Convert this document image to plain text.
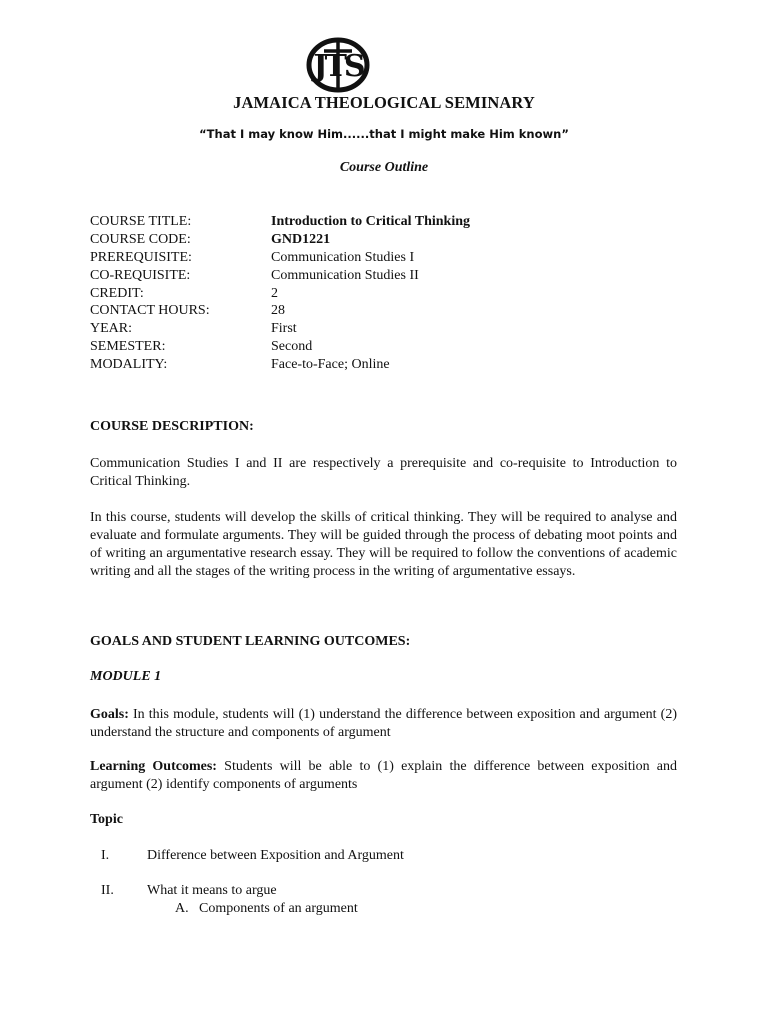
JTS
JAMAICA THEOLOGICAL SEMINARY
“That I may know Him......that I might make Him known”
Course Outline
COURSE TITLE:	Introduction to Critical Thinking
COURSE CODE:	GND1221
PREREQUISITE:	Communication Studies I
CO-REQUISITE:	Communication Studies II
CREDIT:	2
CONTACT HOURS:	28
YEAR:	First
SEMESTER:	Second
MODALITY:	Face-to-Face; Online
COURSE DESCRIPTION:
Communication Studies I and II are respectively a prerequisite and co-requisite to Introduction to Critical Thinking.
In this course, students will develop the skills of critical thinking. They will be required to analyse and evaluate and formulate arguments. They will be guided through the process of debating moot points and of writing an argumentative research essay. They will be required to follow the conventions of academic writing and all the stages of the writing process in the writing of argumentative essays.
GOALS AND STUDENT LEARNING OUTCOMES:
MODULE 1
Goals: In this module, students will (1) understand the difference between exposition and argument (2) understand the structure and components of argument
Learning Outcomes: Students will be able to (1) explain the difference between exposition and argument (2) identify components of arguments
Topic
I.	Difference between Exposition and Argument
II. What it means to argue
A. Components of an argument
